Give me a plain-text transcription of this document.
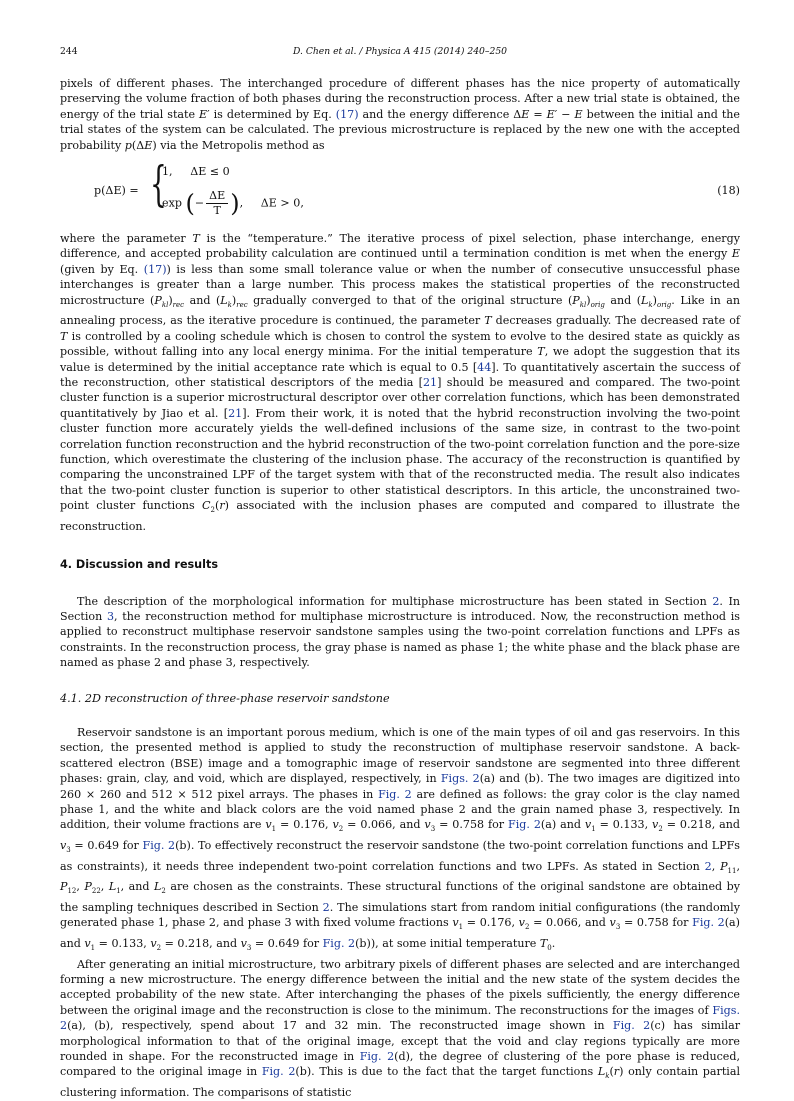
244	D. Chen et al. / Physica A 415 (2014) 240–250

pixels of different phases. The interchanged procedure of different phases has the nice property of automatically preserving the volume fraction of both phases during the reconstruction process. After a new trial state is obtained, the energy of the trial state E′ is determined by Eq. (17) and the energy difference ΔE = E′ − E between the initial and the trial states of the system can be calculated. The previous microstructure is replaced by the new one with the accepted probability p(ΔE) via the Metropolis method as

p(ΔE) = {
1,     ΔE ≤ 0
exp (− $\frac{\Delta E}{T}$ ),     ΔE > 0,
(18)

where the parameter T is the “temperature.” The iterative process of pixel selection, phase interchange, energy difference, and accepted probability calculation are continued until a termination condition is met when the energy E (given by Eq. (17)) is less than some small tolerance value or when the number of consecutive unsuccessful phase interchanges is greater than a large number. This process makes the statistical properties of the reconstructed microstructure $(P_{kl})_{rec}$ and $(L_k)_{rec}$ gradually converged to that of the original structure $(P_{kl})_{orig}$ and $(L_k)_{orig}$. Like in an annealing process, as the iterative procedure is continued, the parameter T decreases gradually. The decreased rate of T is controlled by a cooling schedule which is chosen to control the system to evolve to the desired state as quickly as possible, without falling into any local energy minima. For the initial temperature T, we adopt the suggestion that its value is determined by the initial acceptance rate which is equal to 0.5 [44]. To quantitatively ascertain the success of the reconstruction, other statistical descriptors of the media [21] should be measured and compared. The two-point cluster function is a superior microstructural descriptor over other correlation functions, which has been demonstrated quantitatively by Jiao et al. [21]. From their work, it is noted that the hybrid reconstruction involving the two-point cluster function more accurately yields the well-defined inclusions of the same size, in contrast to the two-point correlation function reconstruction and the hybrid reconstruction of the two-point correlation function and the pore-size function, which overestimate the clustering of the inclusion phase. The accuracy of the reconstruction is quantified by comparing the unconstrained LPF of the target system with that of the reconstructed media. The result also indicates that the two-point cluster function is superior to other statistical descriptors. In this article, the unconstrained two-point cluster functions $C_2(r)$ associated with the inclusion phases are computed and compared to illustrate the reconstruction.

4. Discussion and results

The description of the morphological information for multiphase microstructure has been stated in Section 2. In Section 3, the reconstruction method for multiphase microstructure is introduced. Now, the reconstruction method is applied to reconstruct multiphase reservoir sandstone samples using the two-point correlation functions and LPFs as constraints. In the reconstruction process, the gray phase is named as phase 1; the white phase and the black phase are named as phase 2 and phase 3, respectively.

4.1. 2D reconstruction of three-phase reservoir sandstone

Reservoir sandstone is an important porous medium, which is one of the main types of oil and gas reservoirs. In this section, the presented method is applied to study the reconstruction of multiphase reservoir sandstone. A back-scattered electron (BSE) image and a tomographic image of reservoir sandstone are segmented into three different phases: grain, clay, and void, which are displayed, respectively, in Figs. 2(a) and (b). The two images are digitized into 260 × 260 and 512 × 512 pixel arrays. The phases in Fig. 2 are defined as follows: the gray color is the clay named phase 1, and the white and black colors are the void named phase 2 and the grain named phase 3, respectively. In addition, their volume fractions are $v_1 = 0.176$, $v_2 = 0.066$, and $v_3 = 0.758$ for Fig. 2(a) and $v_1 = 0.133$, $v_2 = 0.218$, and $v_3 = 0.649$ for Fig. 2(b). To effectively reconstruct the reservoir sandstone (the two-point correlation functions and LPFs as constraints), it needs three independent two-point correlation functions and two LPFs. As stated in Section 2, $P_{11}$, $P_{12}$, $P_{22}$, $L_1$, and $L_2$ are chosen as the constraints. These structural functions of the original sandstone are obtained by the sampling techniques described in Section 2. The simulations start from random initial configurations (the randomly generated phase 1, phase 2, and phase 3 with fixed volume fractions $v_1 = 0.176$, $v_2 = 0.066$, and $v_3 = 0.758$ for Fig. 2(a) and $v_1 = 0.133$, $v_2 = 0.218$, and $v_3 = 0.649$ for Fig. 2(b)), at some initial temperature $T_0$.

After generating an initial microstructure, two arbitrary pixels of different phases are selected and are interchanged forming a new microstructure. The energy difference between the initial and the new state of the system decides the accepted probability of the new state. After interchanging the phases of the pixels sufficiently, the energy difference between the original image and the reconstruction is close to the minimum. The reconstructions for the images of Figs. 2(a), (b), respectively, spend about 17 and 32 min. The reconstructed image shown in Fig. 2(c) has similar morphological information to that of the original image, except that the void and clay regions typically are more rounded in shape. For the reconstructed image in Fig. 2(d), the degree of clustering of the pore phase is reduced, compared to the original image in Fig. 2(b). This is due to the fact that the target functions $L_k(r)$ only contain partial clustering information. The comparisons of statistic
